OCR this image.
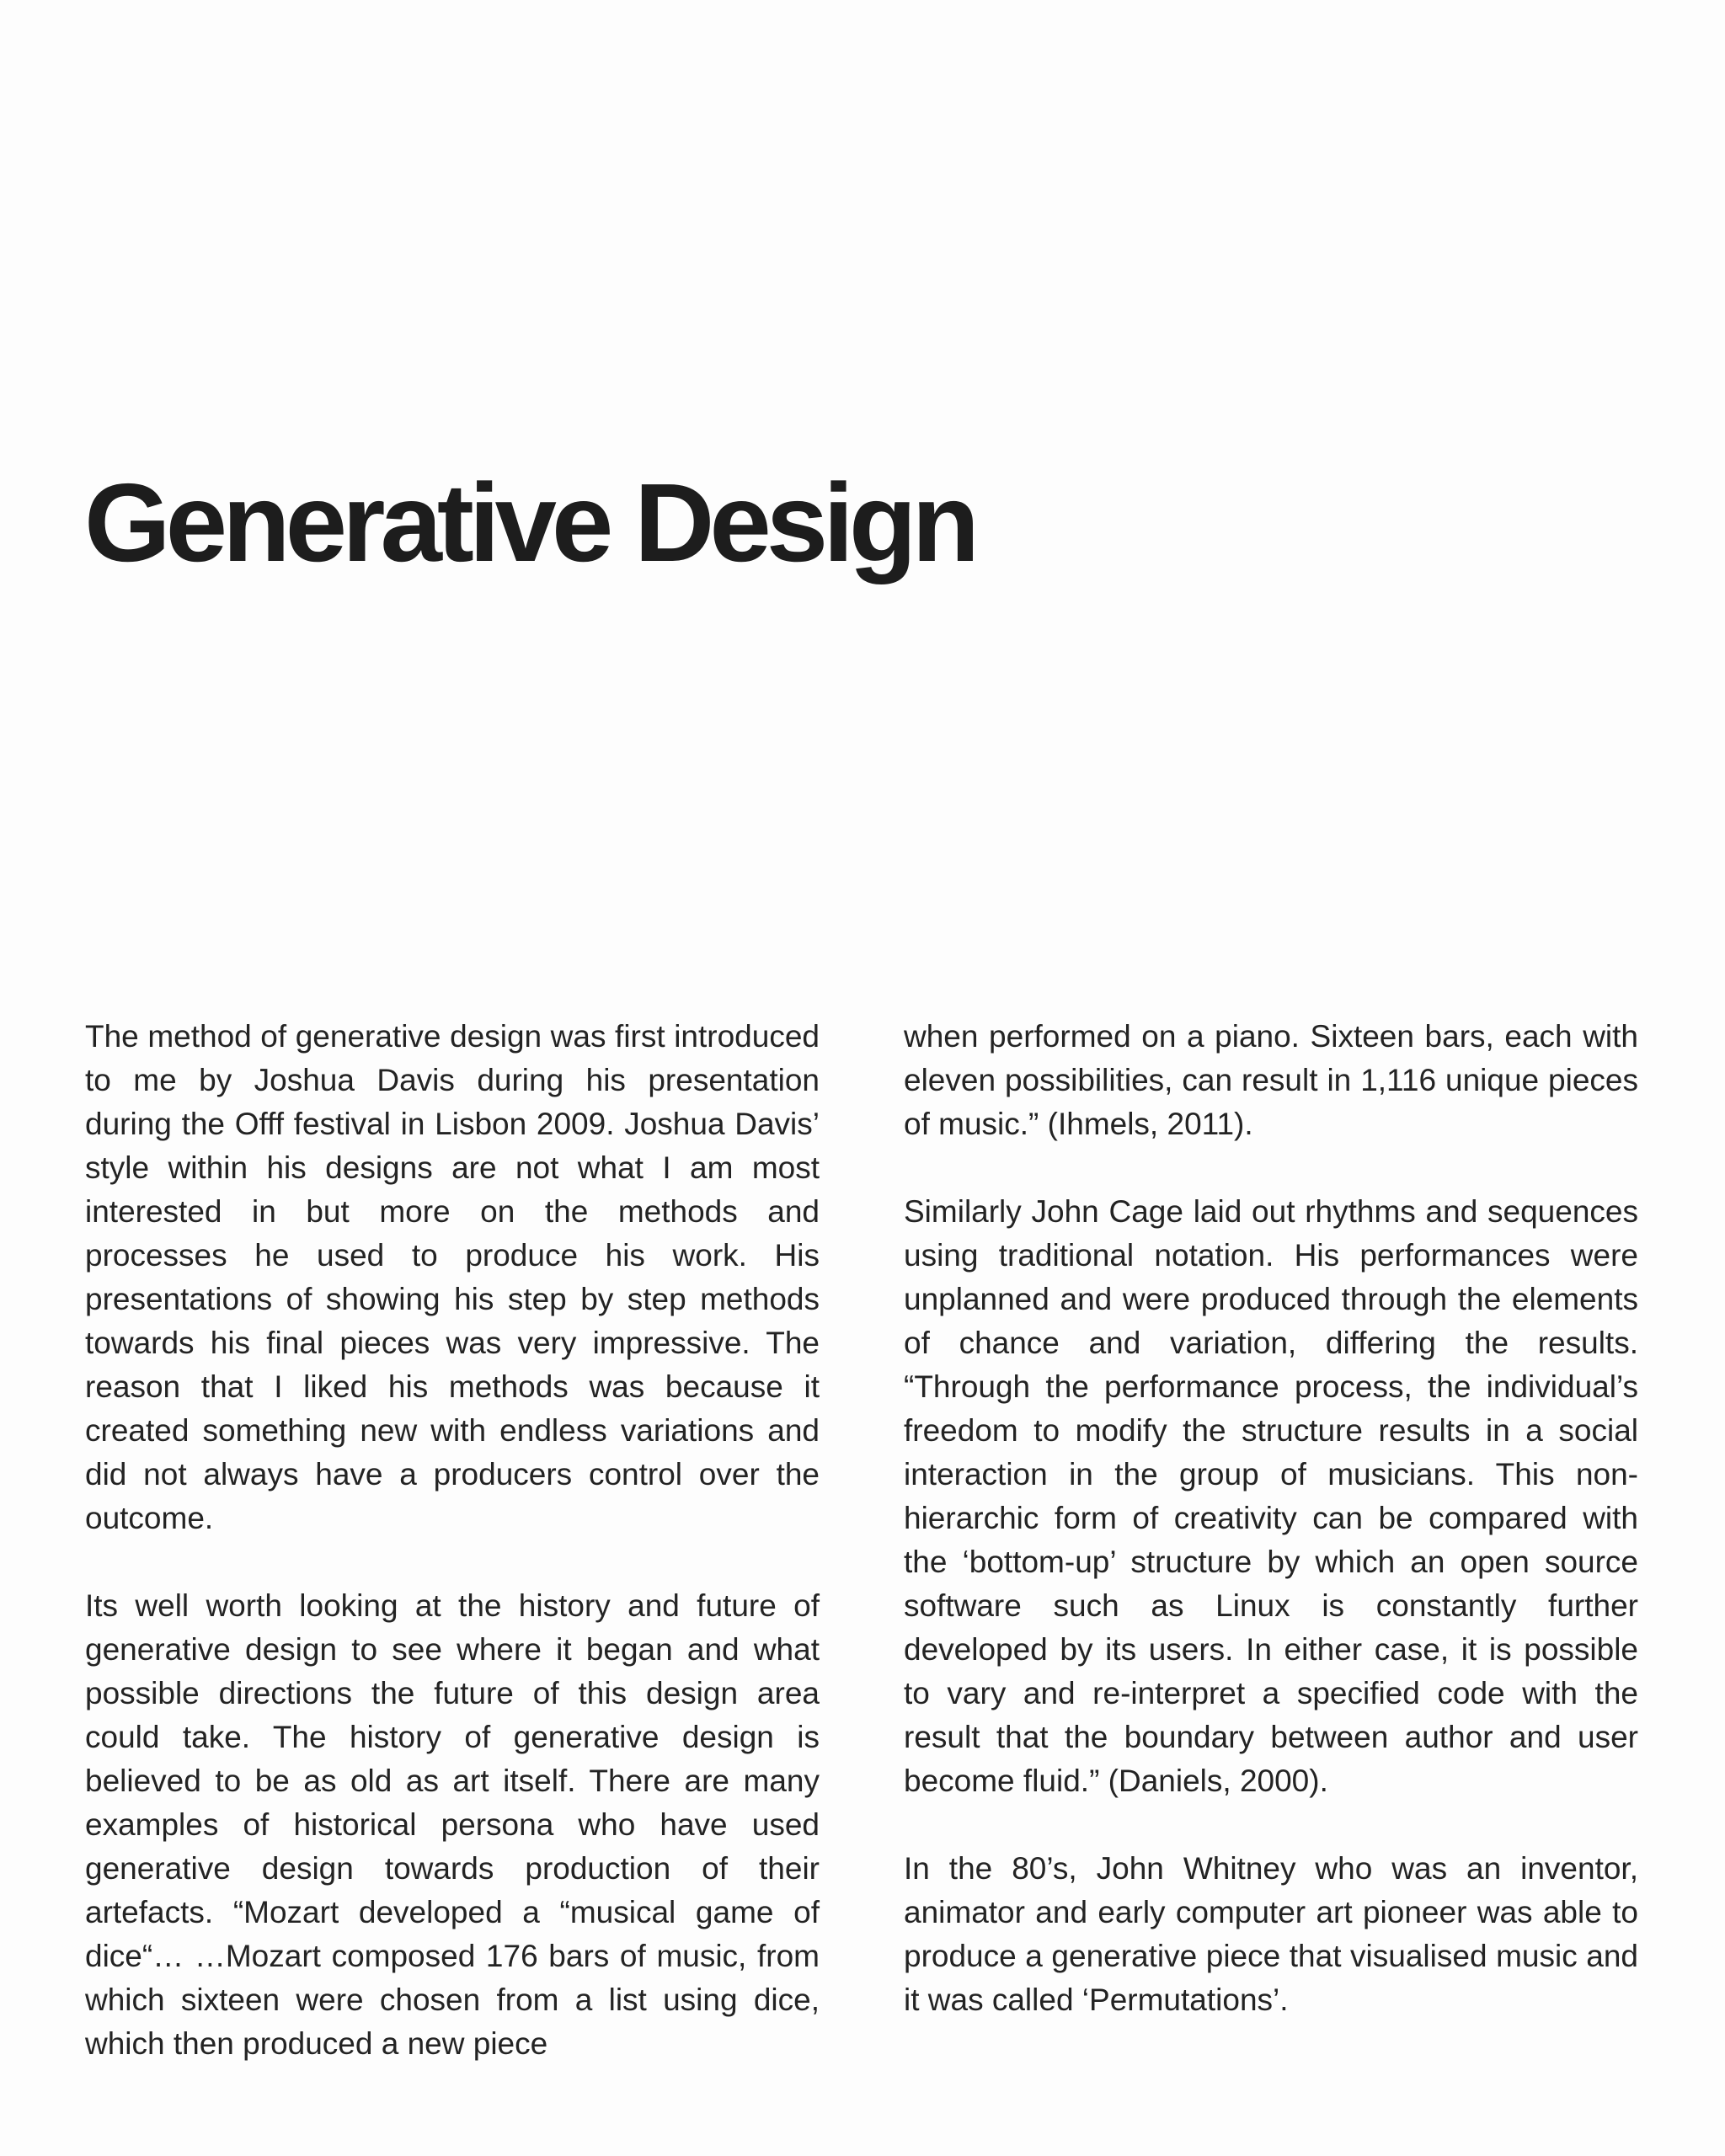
Generative Design

The method of generative design was first introduced to me by Joshua Davis during his presentation during the Offf festival in Lisbon 2009. Joshua Davis’ style within his designs are not what I am most interested in but more on the methods and processes he used to produce his work. His presentations of showing his step by step methods towards his final pieces was very impressive. The reason that I liked his methods was because it created something new with endless variations and did not always have a producers control over the outcome.

Its well worth looking at the history and future of generative design to see where it began and what possible directions the future of this design area could take. The history of generative design is believed to be as old as art itself. There are many examples of historical persona who have used generative design towards production of their artefacts. “Mozart developed a “musical game of dice“… …Mozart composed 176 bars of music, from which sixteen were chosen from a list using dice, which then produced a new piece

when performed on a piano. Sixteen bars, each with eleven possibilities, can result in 1,116 unique pieces of music.” (Ihmels, 2011).

Similarly John Cage laid out rhythms and sequences using traditional notation. His performances were unplanned and were produced through the elements of chance and variation, differing the results. “Through the performance process, the individual’s freedom to modify the structure results in a social interaction in the group of musicians. This non-hierarchic form of creativity can be compared with the ‘bottom-up’ structure by which an open source software such as Linux is constantly further developed by its users. In either case, it is possible to vary and re-interpret a specified code with the result that the boundary between author and user become fluid.” (Daniels, 2000).

In the 80’s, John Whitney who was an inventor, animator and early computer art pioneer was able to produce a generative piece that visualised music and it was called ‘Permutations’.
